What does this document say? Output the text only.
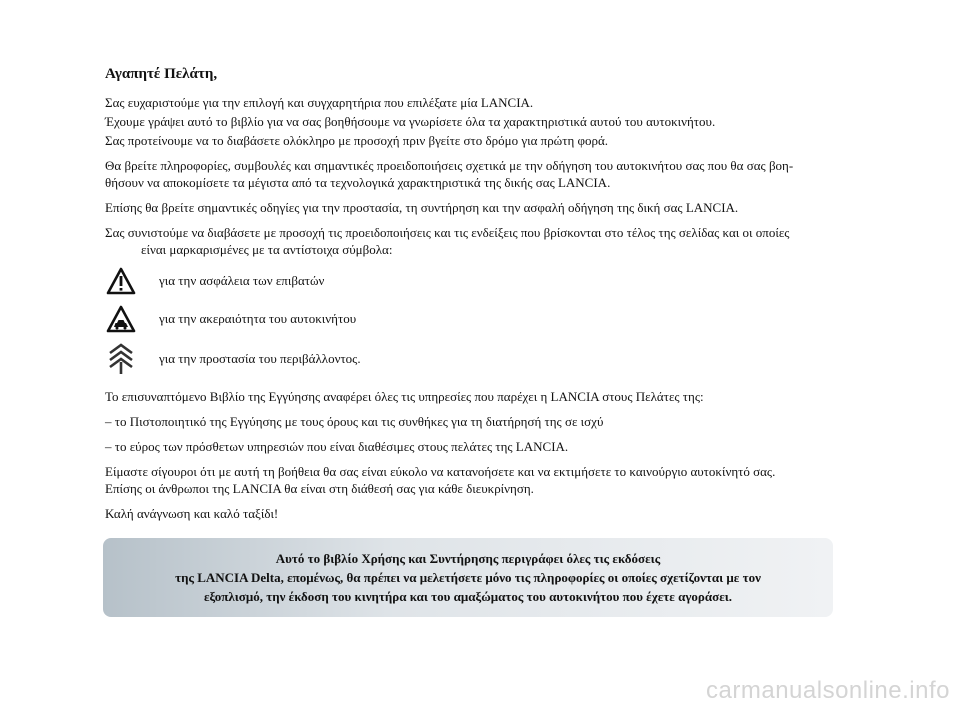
Αγαπητέ Πελάτη,

Σας ευχαριστούμε για την επιλογή και συγχαρητήρια που επιλέξατε μία LANCIA.

Έχουμε γράψει αυτό το βιβλίο για να σας βοηθήσουμε να γνωρίσετε όλα τα χαρακτηριστικά αυτού του αυτοκινήτου.

Σας προτείνουμε να το διαβάσετε ολόκληρο με προσοχή πριν βγείτε στο δρόμο για πρώτη φορά.

Θα βρείτε πληροφορίες, συμβουλές και σημαντικές προειδοποιήσεις σχετικά με την οδήγηση του αυτοκινήτου σας που θα σας βοη-
θήσουν να αποκομίσετε τα μέγιστα από τα τεχνολογικά χαρακτηριστικά της δικής σας LANCIA.

Επίσης θα βρείτε σημαντικές οδηγίες για την προστασία, τη συντήρηση και την ασφαλή οδήγηση της δική σας LANCIA.

Σας συνιστούμε να διαβάσετε με προσοχή τις προειδοποιήσεις και τις ενδείξεις που βρίσκονται στο τέλος της σελίδας και οι οποίες
είναι μαρκαρισμένες με τα αντίστοιχα σύμβολα:

για την ασφάλεια των επιβατών
για την ακεραιότητα του αυτοκινήτου
για την προστασία του περιβάλλοντος.

Το επισυναπτόμενο Βιβλίο της Εγγύησης αναφέρει όλες τις υπηρεσίες που παρέχει η LANCIA στους Πελάτες της:

– το Πιστοποιητικό της Εγγύησης με τους όρους και τις συνθήκες για τη διατήρησή της σε ισχύ

– το εύρος των πρόσθετων υπηρεσιών που είναι διαθέσιμες στους πελάτες της LANCIA.

Είμαστε σίγουροι ότι με αυτή τη βοήθεια θα σας είναι εύκολο να κατανοήσετε και να εκτιμήσετε το καινούργιο αυτοκίνητό σας.
Επίσης οι άνθρωποι της LANCIA θα είναι στη διάθεσή σας για κάθε διευκρίνηση.

Καλή ανάγνωση και καλό ταξίδι!

Αυτό το βιβλίο Χρήσης και Συντήρησης περιγράφει όλες τις εκδόσεις
της LANCIA Delta, επομένως, θα πρέπει να μελετήσετε μόνο τις πληροφορίες οι οποίες σχετίζονται με τον
εξοπλισμό, την έκδοση του κινητήρα και του αμαξώματος του αυτοκινήτου που έχετε αγοράσει.
carmanualsonline.info
